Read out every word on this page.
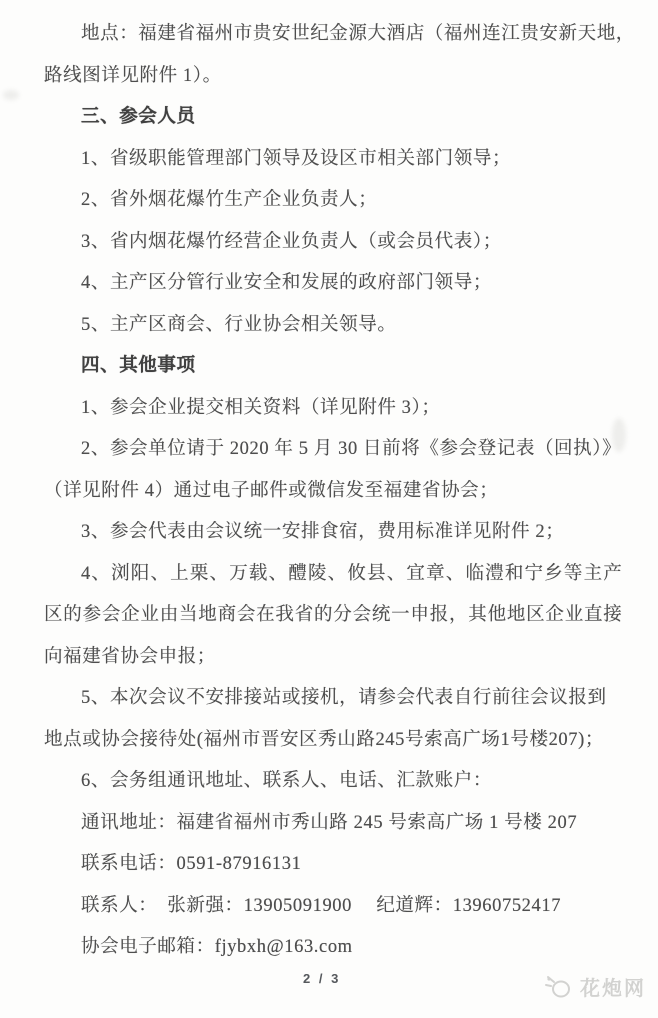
地点：福建省福州市贵安世纪金源大酒店（福州连江贵安新天地，
路线图详见附件 1）。
三、参会人员
1、省级职能管理部门领导及设区市相关部门领导；
2、省外烟花爆竹生产企业负责人；
3、省内烟花爆竹经营企业负责人（或会员代表）；
4、主产区分管行业安全和发展的政府部门领导；
5、主产区商会、行业协会相关领导。
四、其他事项
1、参会企业提交相关资料（详见附件 3）；
2、参会单位请于 2020 年 5 月 30 日前将《参会登记表（回执）》
（详见附件 4）通过电子邮件或微信发至福建省协会；
3、参会代表由会议统一安排食宿，费用标准详见附件 2；
4、浏阳、上栗、万载、醴陵、攸县、宜章、临澧和宁乡等主产
区的参会企业由当地商会在我省的分会统一申报，其他地区企业直接
向福建省协会申报；
5、本次会议不安排接站或接机，请参会代表自行前往会议报到
地点或协会接待处(福州市晋安区秀山路245号索高广场1号楼207)；
6、会务组通讯地址、联系人、电话、汇款账户：
通讯地址：福建省福州市秀山路 245 号索高广场 1 号楼 207
联系电话：0591-87916131
联系人：　张新强：13905091900　 纪道辉：13960752417
协会电子邮箱：fjybxh@163.com
2 / 3	花炮网
